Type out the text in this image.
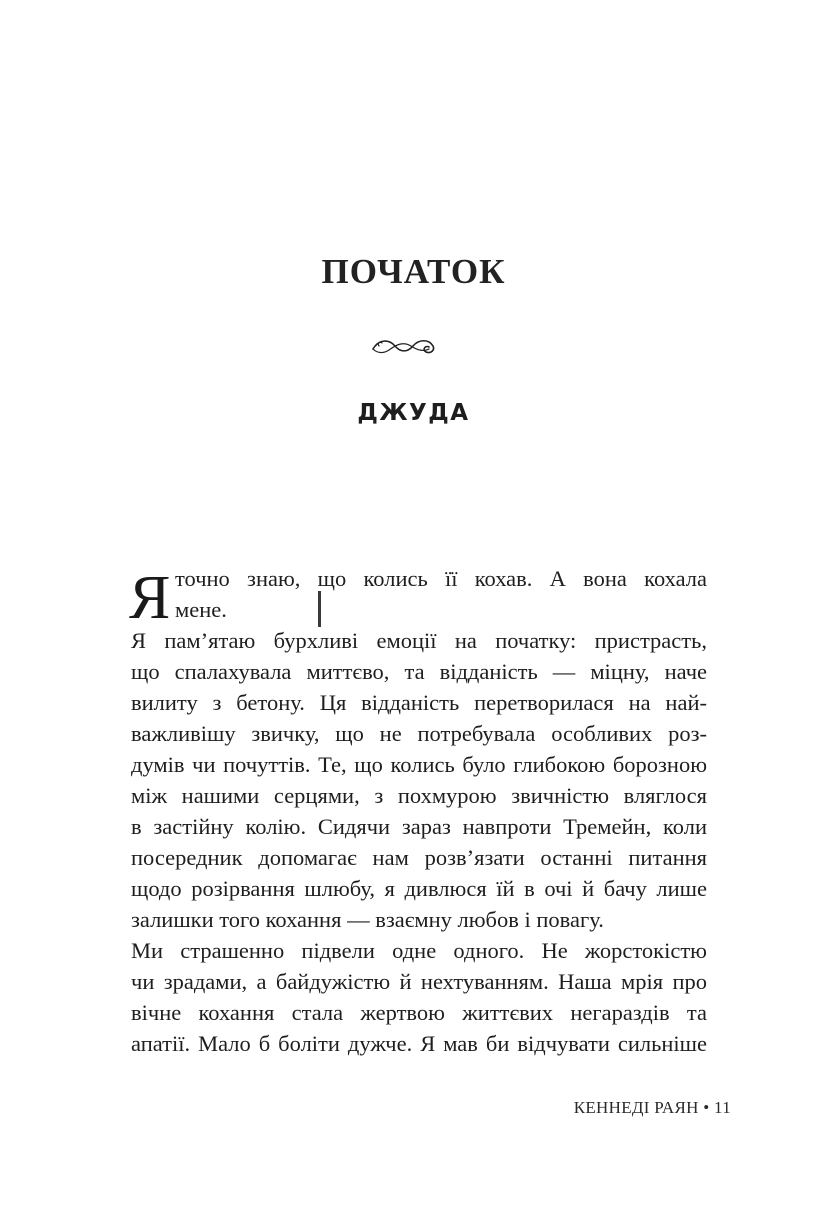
ПОЧАТОК
ДЖУДА
Я точно знаю, що колись її кохав. А вона кохала
мене.
Я пам’ятаю бурхливі емоції на початку: пристрасть,
що спалахувала миттєво, та відданість — міцну, наче
вилиту з бетону. Ця відданість перетворилася на най-
важливішу звичку, що не потребувала особливих роз-
думів чи почуттів. Те, що колись було глибокою борозною
між нашими серцями, з похмурою звичністю вляглося
в застійну колію. Сидячи зараз навпроти Тремейн, коли
посередник допомагає нам розв’язати останні питання
щодо розірвання шлюбу, я дивлюся їй в очі й бачу лише
залишки того кохання — взаємну любов і повагу.
Ми страшенно підвели одне одного. Не жорстокістю
чи зрадами, а байдужістю й нехтуванням. Наша мрія про
вічне кохання стала жертвою життєвих негараздів та
апатії. Мало б боліти дужче. Я мав би відчувати сильніше
КЕННЕДІ РАЯН • 11
